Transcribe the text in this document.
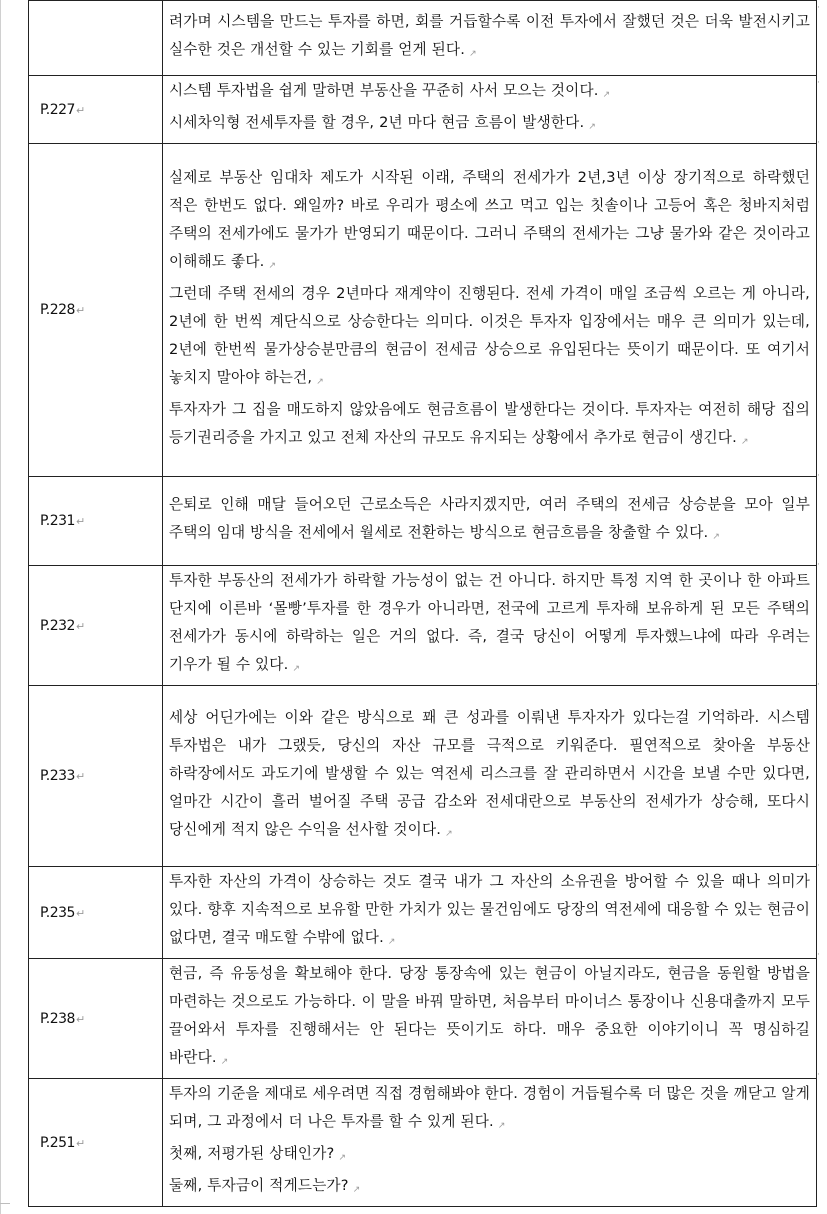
	려가며 시스템을 만드는 투자를 하면, 회를 거듭할수록 이전 투자에서 잘했던 것은 더욱 발전시키고 실수한 것은 개선할 수 있는 기회를 얻게 된다. ↗

P.227↵	시스템 투자법을 쉽게 말하면 부동산을 꾸준히 사서 모으는 것이다. ↗
시세차익형 전세투자를 할 경우, 2년 마다 현금 흐름이 발생한다. ↗

P.228↵	실제로 부동산 임대차 제도가 시작된 이래, 주택의 전세가가 2년,3년 이상 장기적으로 하락했던 적은 한번도 없다. 왜일까? 바로 우리가 평소에 쓰고 먹고 입는 칫솔이나 고등어 혹은 청바지처럼 주택의 전세가에도 물가가 반영되기 때문이다. 그러니 주택의 전세가는 그냥 물가와 같은 것이라고 이해해도 좋다. ↗
그런데 주택 전세의 경우 2년마다 재계약이 진행된다. 전세 가격이 매일 조금씩 오르는 게 아니라, 2년에 한 번씩 계단식으로 상승한다는 의미다. 이것은 투자자 입장에서는 매우 큰 의미가 있는데, 2년에 한번씩 물가상승분만큼의 현금이 전세금 상승으로 유입된다는 뜻이기 때문이다. 또 여기서 놓치지 말아야 하는건, ↗
투자자가 그 집을 매도하지 않았음에도 현금흐름이 발생한다는 것이다. 투자자는 여전히 해당 집의 등기권리증을 가지고 있고 전체 자산의 규모도 유지되는 상황에서 추가로 현금이 생긴다. ↗

P.231↵	은퇴로 인해 매달 들어오던 근로소득은 사라지겠지만, 여러 주택의 전세금 상승분을 모아 일부 주택의 임대 방식을 전세에서 월세로 전환하는 방식으로 현금흐름을 창출할 수 있다. ↗

P.232↵	투자한 부동산의 전세가가 하락할 가능성이 없는 건 아니다. 하지만 특정 지역 한 곳이나 한 아파트 단지에 이른바 ‘몰빵’투자를 한 경우가 아니라면, 전국에 고르게 투자해 보유하게 된 모든 주택의 전세가가 동시에 하락하는 일은 거의 없다. 즉, 결국 당신이 어떻게 투자했느냐에 따라 우려는 기우가 될 수 있다. ↗

P.233↵	세상 어딘가에는 이와 같은 방식으로 꽤 큰 성과를 이뤄낸 투자자가 있다는걸 기억하라. 시스템 투자법은 내가 그랬듯, 당신의 자산 규모를 극적으로 키워준다. 필연적으로 찾아올 부동산 하락장에서도 과도기에 발생할 수 있는 역전세 리스크를 잘 관리하면서 시간을 보낼 수만 있다면, 얼마간 시간이 흘러 벌어질 주택 공급 감소와 전세대란으로 부동산의 전세가가 상승해, 또다시 당신에게 적지 않은 수익을 선사할 것이다. ↗

P.235↵	투자한 자산의 가격이 상승하는 것도 결국 내가 그 자산의 소유권을 방어할 수 있을 때나 의미가 있다. 향후 지속적으로 보유할 만한 가치가 있는 물건임에도 당장의 역전세에 대응할 수 있는 현금이 없다면, 결국 매도할 수밖에 없다. ↗

P.238↵	현금, 즉 유동성을 확보해야 한다. 당장 통장속에 있는 현금이 아닐지라도, 현금을 동원할 방법을 마련하는 것으로도 가능하다. 이 말을 바꿔 말하면, 처음부터 마이너스 통장이나 신용대출까지 모두 끌어와서 투자를 진행해서는 안 된다는 뜻이기도 하다. 매우 중요한 이야기이니 꼭 명심하길 바란다. ↗

P.251↵	투자의 기준을 제대로 세우려면 직접 경험해봐야 한다. 경험이 거듭될수록 더 많은 것을 깨닫고 알게 되며, 그 과정에서 더 나은 투자를 할 수 있게 된다. ↗
첫째, 저평가된 상태인가? ↗
둘째, 투자금이 적게드는가? ↗
·
·
·
·
·
·
·
·
·
